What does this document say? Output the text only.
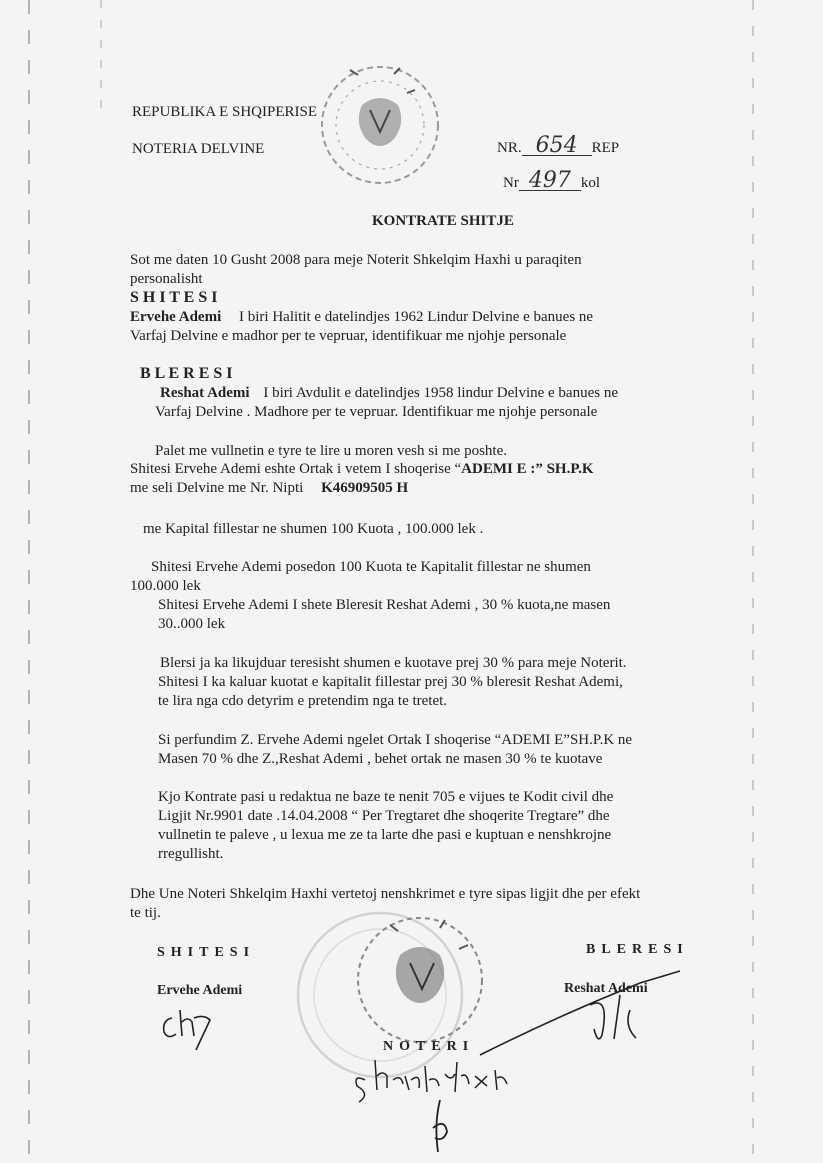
REPUBLIKA E SHQIPERISE
NOTERIA DELVINE	NR. 654 REP
Nr 497 kol
KONTRATE SHITJE
Sot me daten 10 Gusht 2008 para meje Noterit Shkelqim Haxhi u paraqiten
personalisht
S H I T E S I
Ervehe Ademi I biri Halitit e datelindjes 1962 Lindur Delvine e banues ne
Varfaj Delvine e madhor per te vepruar, identifikuar me njohje personale
B L E R E S I
Reshat Ademi I biri Avdulit e datelindjes 1958 lindur Delvine e banues ne
Varfaj Delvine . Madhore per te vepruar. Identifikuar me njohje personale
Palet me vullnetin e tyre te lire u moren vesh si me poshte.
Shitesi Ervehe Ademi eshte Ortak i vetem I shoqerise “ADEMI E :” SH.P.K
me seli Delvine me Nr. Nipti K46909505 H
me Kapital fillestar ne shumen 100 Kuota , 100.000 lek .
Shitesi Ervehe Ademi posedon 100 Kuota te Kapitalit fillestar ne shumen
100.000 lek
Shitesi Ervehe Ademi I shete Bleresit Reshat Ademi , 30 % kuota,ne masen
30..000 lek
Blersi ja ka likujduar teresisht shumen e kuotave prej 30 % para meje Noterit.
Shitesi I ka kaluar kuotat e kapitalit fillestar prej 30 % bleresit Reshat Ademi,
te lira nga cdo detyrim e pretendim nga te tretet.
Si perfundim Z. Ervehe Ademi ngelet Ortak I shoqerise “ADEMI E”SH.P.K ne
Masen 70 % dhe Z.,Reshat Ademi , behet ortak ne masen 30 % te kuotave
Kjo Kontrate pasi u redaktua ne baze te nenit 705 e vijues te Kodit civil dhe
Ligjit Nr.9901 date .14.04.2008 “ Per Tregtaret dhe shoqerite Tregtare” dhe
vullnetin te paleve , u lexua me ze ta larte dhe pasi e kuptuan e nenshkrojne
rregullisht.
Dhe Une Noteri Shkelqim Haxhi vertetoj nenshkrimet e tyre sipas ligjit dhe per efekt
te tij.
SHITESI
Ervehe Ademi
BLERESI
Reshat Ademi
NOTERI
